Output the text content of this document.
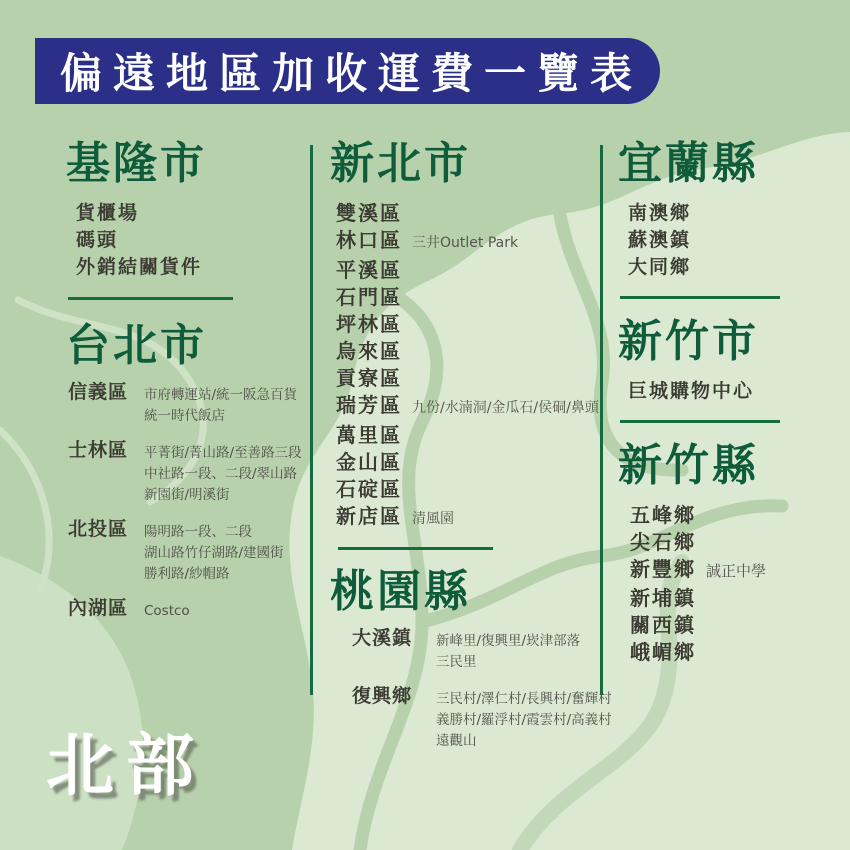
偏遠地區加收運費一覽表
基隆市
貨櫃場
碼頭
外銷結關貨件
台北市
信義區	市府轉運站/統一阪急百貨
統一時代飯店
士林區	平菁街/菁山路/至善路三段
中社路一段、二段/翠山路
新園街/明溪街
北投區	陽明路一段、二段
湖山路竹仔湖路/建國街
勝利路/紗帽路
內湖區	Costco
新北市
雙溪區
林口區 三井Outlet Park
平溪區
石門區
坪林區
烏來區
貢寮區
瑞芳區 九份/水湳洞/金瓜石/侯硐/鼻頭
萬里區
金山區
石碇區
新店區 清風園
桃園縣
大溪鎮	新峰里/復興里/崁津部落
三民里
復興鄉	三民村/澤仁村/長興村/奮輝村
義勝村/羅浮村/霞雲村/高義村
遠觀山
宜蘭縣
南澳鄉
蘇澳鎮
大同鄉
新竹市
巨城購物中心
新竹縣
五峰鄉
尖石鄉
新豐鄉 誠正中學
新埔鎮
關西鎮
峨嵋鄉
北部
